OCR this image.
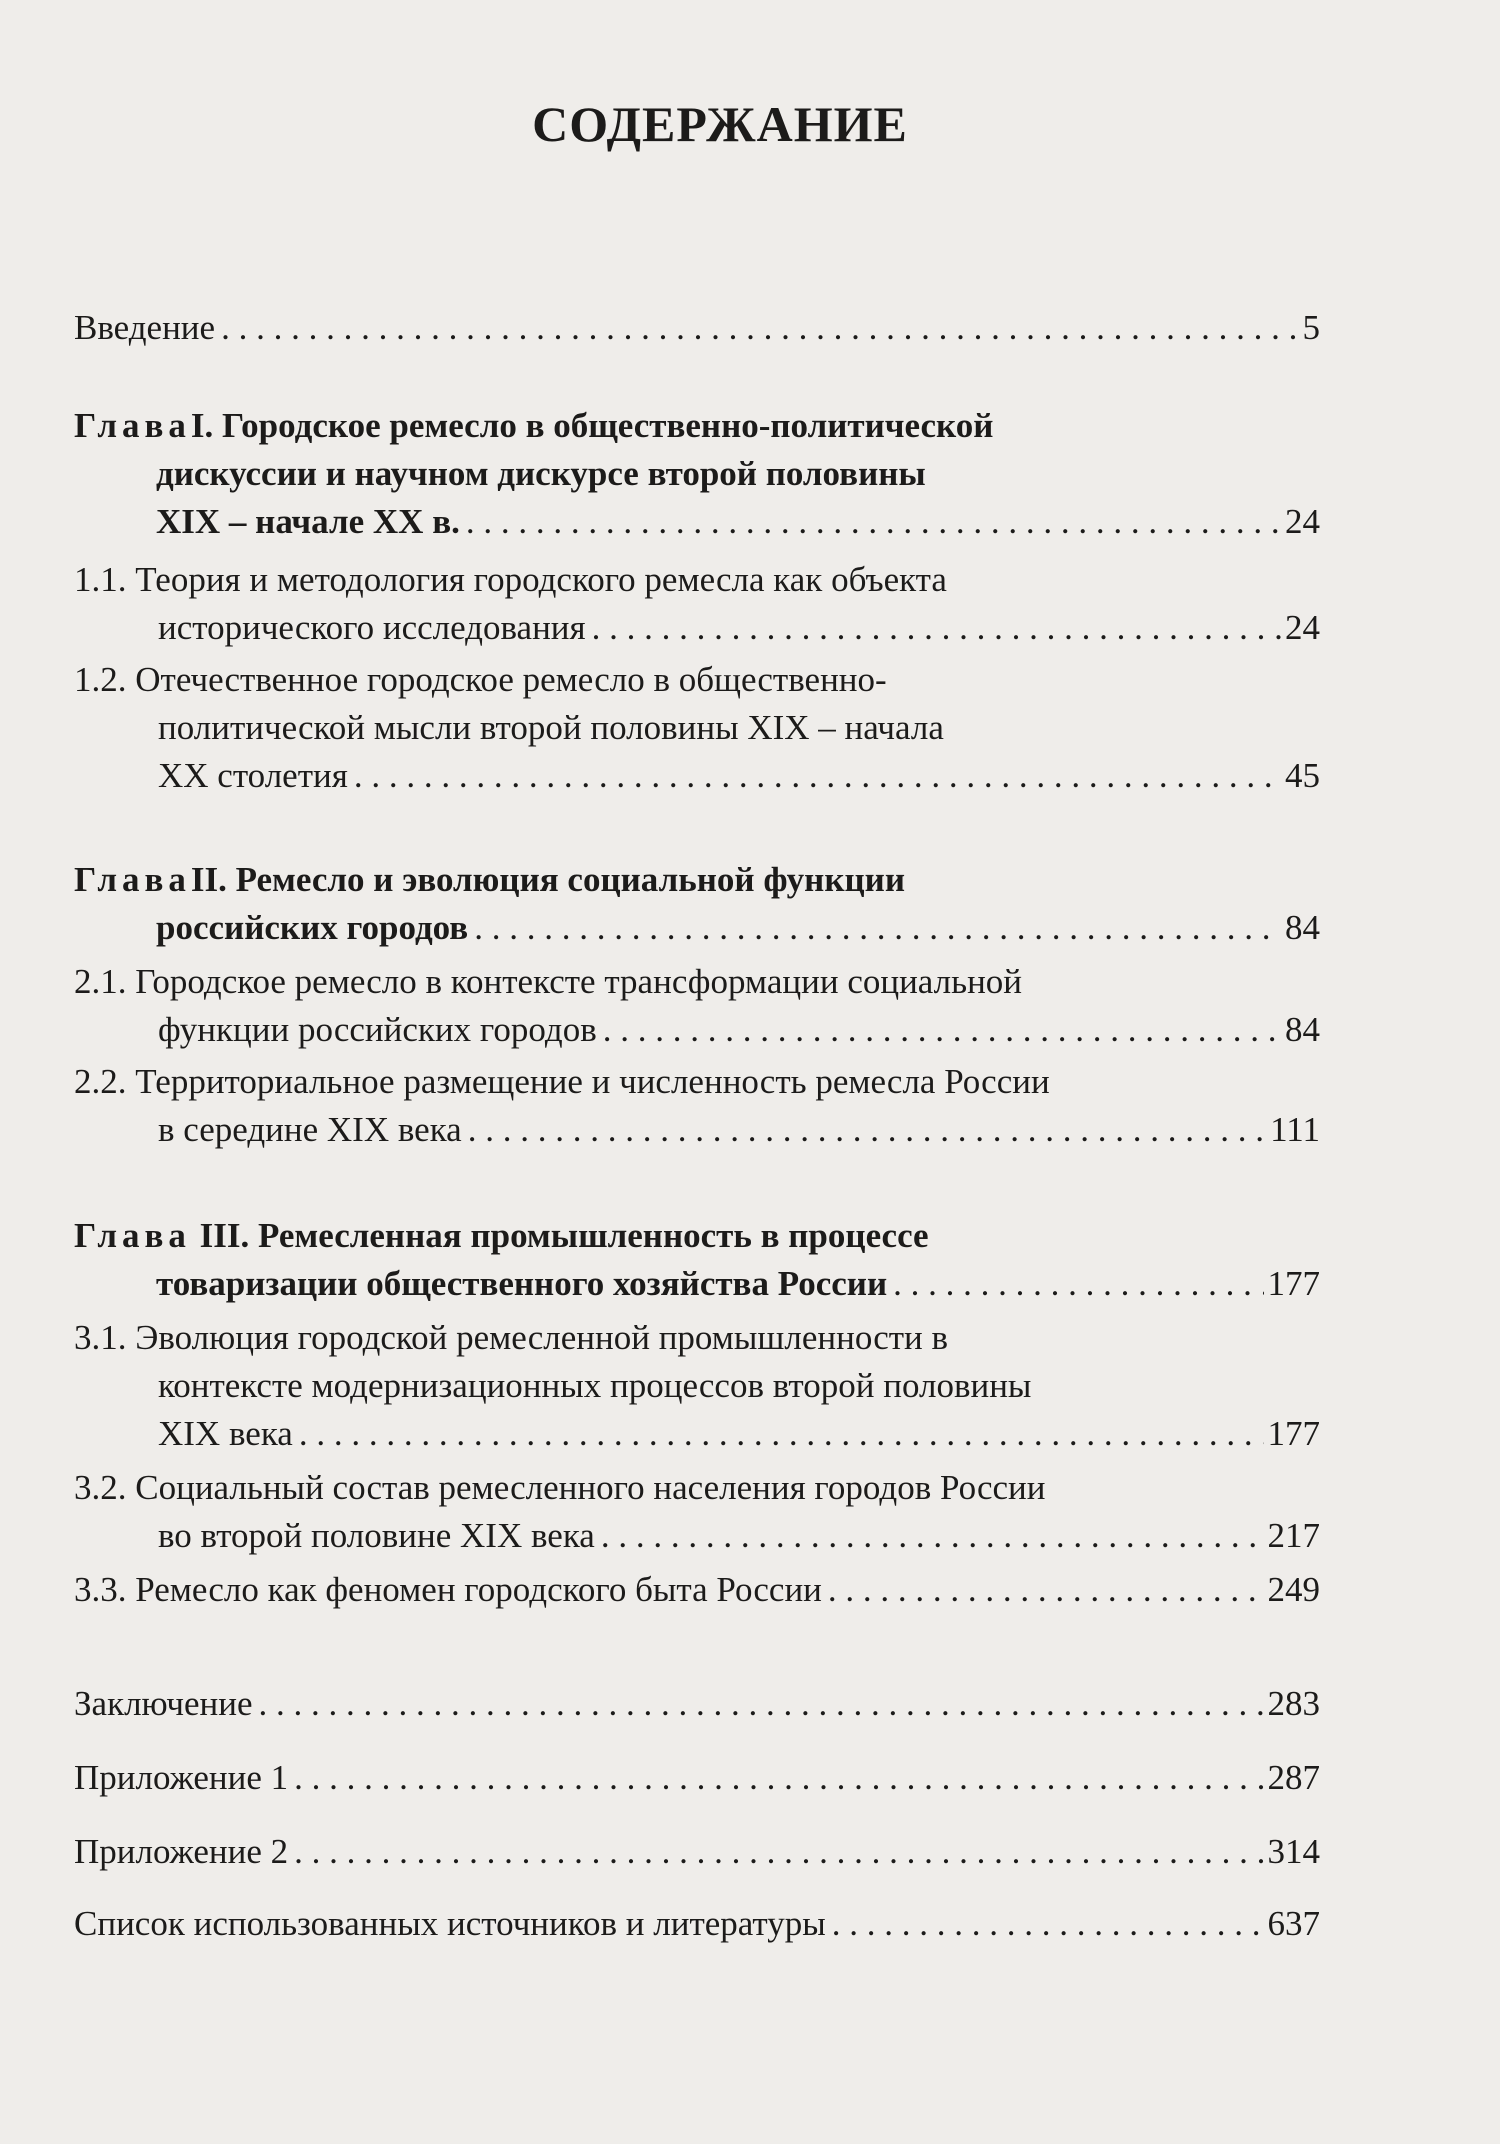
СОДЕРЖАНИЕ
Введение . . .	5
ГлаваI. Городское ремесло в общественно-политической
дискуссии и научном дискурсе второй половины
XIX – начале XX в. . . .	24
1.1. Теория и методология городского ремесла как объекта
исторического исследования . . .	24
1.2. Отечественное городское ремесло в общественно-
политической мысли второй половины XIX – начала
XX столетия . . .	45
ГлаваII. Ремесло и эволюция социальной функции
российских городов . . .	84
2.1. Городское ремесло в контексте трансформации социальной
функции российских городов . . .	84
2.2. Территориальное размещение и численность ремесла России
в середине XIX века . . .	111
Глава III. Ремесленная промышленность в процессе
товаризации общественного хозяйства России . . .	177
3.1. Эволюция городской ремесленной промышленности в
контексте модернизационных процессов второй половины
XIX века . . .	177
3.2. Социальный состав ремесленного населения городов России
во второй половине XIX века . . .	217
3.3. Ремесло как феномен городского быта России . . .	249
Заключение . . .	283
Приложение 1 . . .	287
Приложение 2 . . .	314
Список использованных источников и литературы . . .	637
